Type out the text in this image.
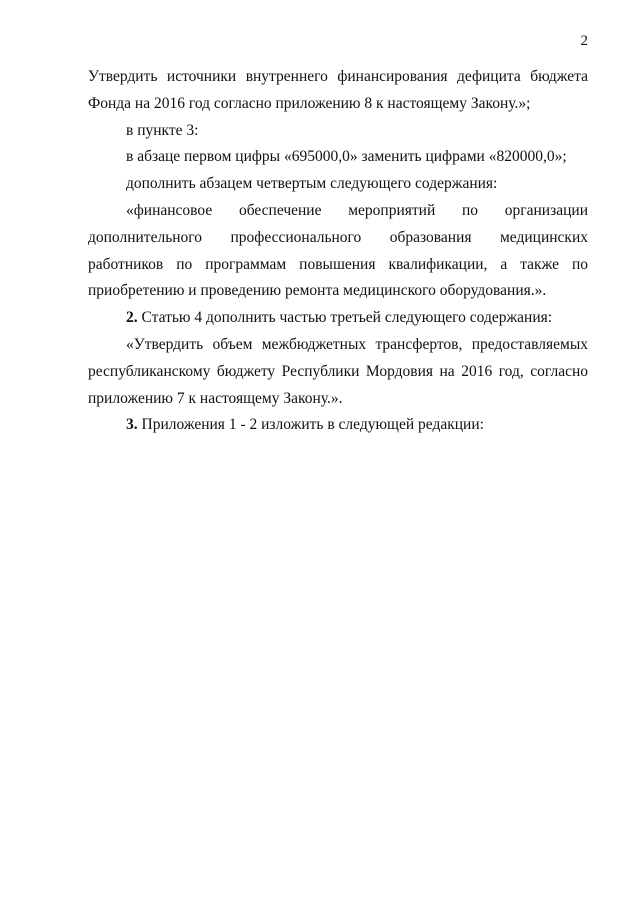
2

Утвердить источники внутреннего финансирования дефицита бюджета Фонда на 2016 год согласно приложению 8 к настоящему Закону.»;

в пункте 3:

в абзаце первом цифры «695000,0» заменить цифрами «820000,0»;

дополнить абзацем четвертым следующего содержания:

«финансовое обеспечение мероприятий по организации дополнительного профессионального образования медицинских работников по программам повышения квалификации, а также по приобретению и проведению ремонта медицинского оборудования.».

2. Статью 4 дополнить частью третьей следующего содержания:

«Утвердить объем межбюджетных трансфертов, предоставляемых республиканскому бюджету Республики Мордовия на 2016 год, согласно приложению 7 к настоящему Закону.».

3. Приложения 1 - 2 изложить в следующей редакции:
